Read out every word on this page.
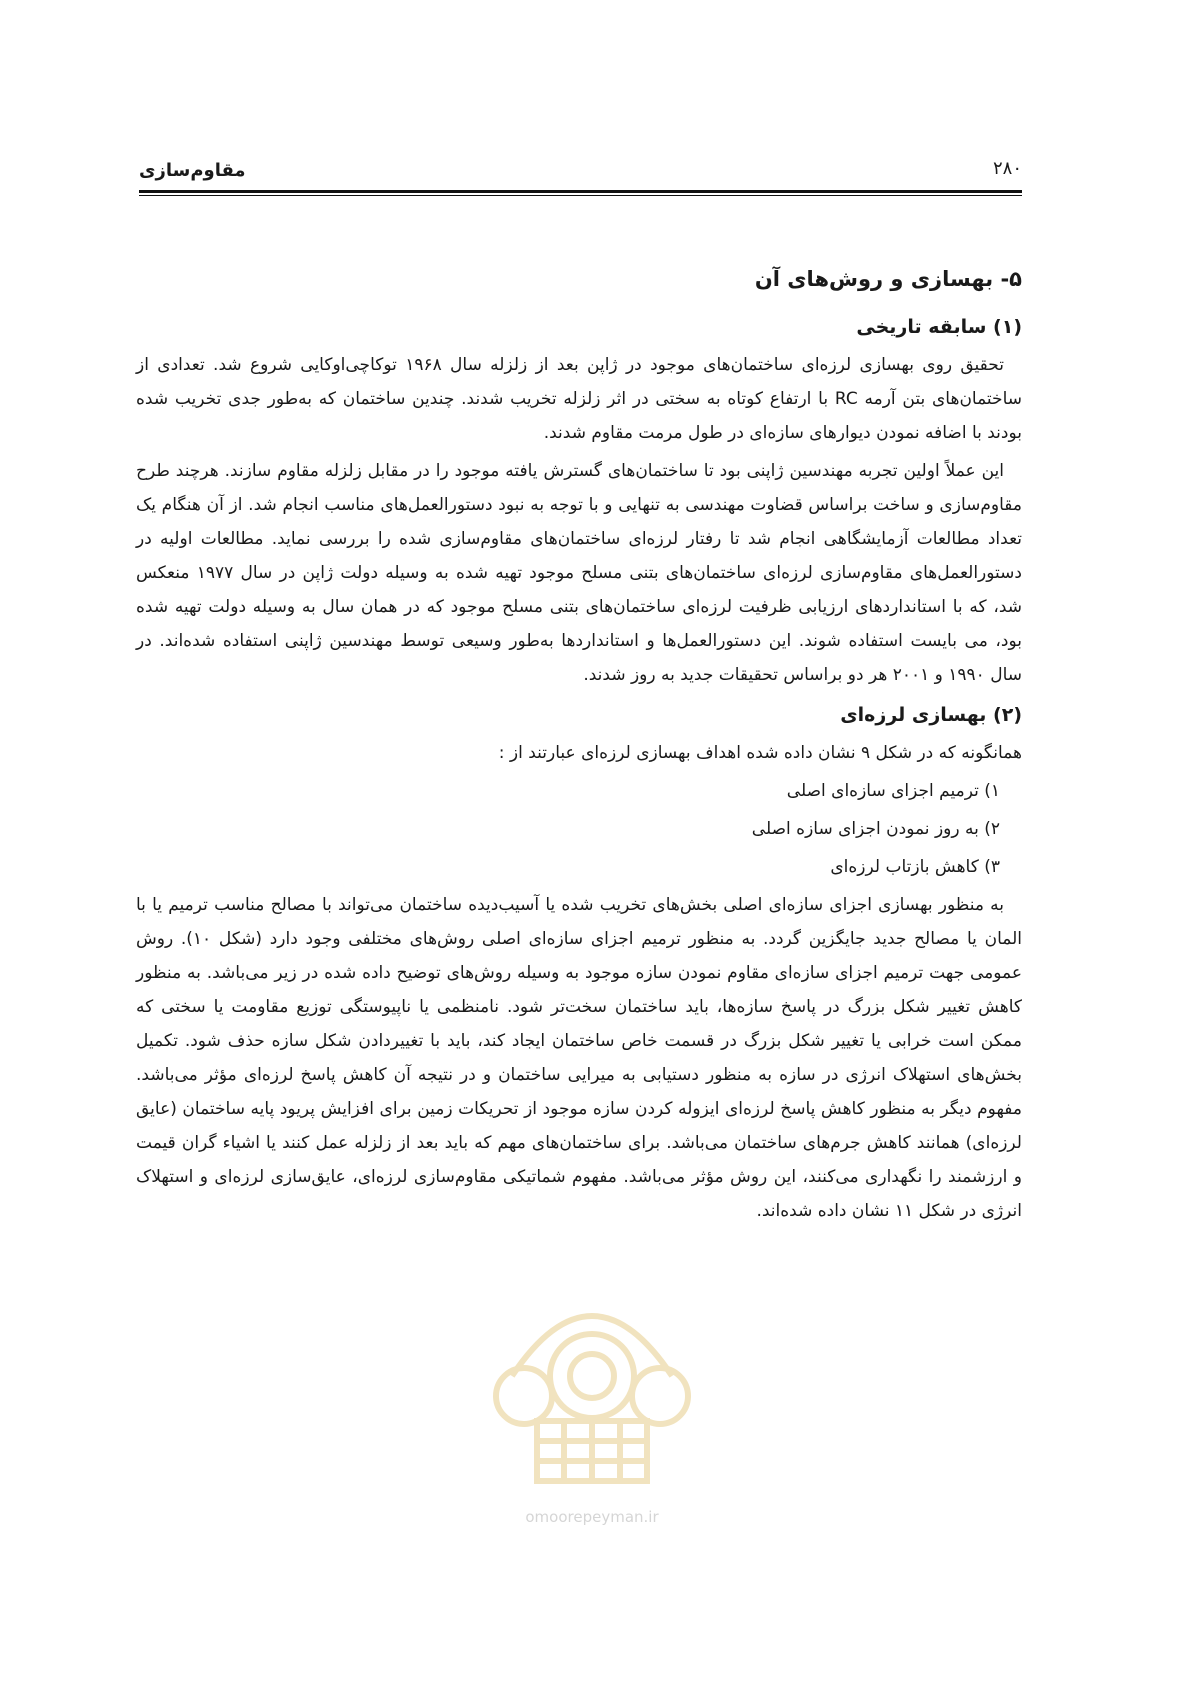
مقاوم‌سازی	۲۸۰
۵- بهسازی و روش‌های آن
(۱) سابقه تاریخی

تحقیق روی بهسازی لرزه‌ای ساختمان‌های موجود در ژاپن بعد از زلزله سال ۱۹۶۸ توکاچی‌اوکایی شروع شد. تعدادی از ساختمان‌های بتن آرمه RC با ارتفاع کوتاه به سختی در اثر زلزله تخریب شدند. چندین ساختمان که به‌طور جدی تخریب شده بودند با اضافه نمودن دیوارهای سازه‌ای در طول مرمت مقاوم شدند.

این عملاً اولین تجربه مهندسین ژاپنی بود تا ساختمان‌های گسترش یافته موجود را در مقابل زلزله مقاوم سازند. هرچند طرح مقاوم‌سازی و ساخت براساس قضاوت مهندسی به تنهایی و با توجه به نبود دستورالعمل‌های مناسب انجام شد. از آن هنگام یک تعداد مطالعات آزمایشگاهی انجام شد تا رفتار لرزه‌ای ساختمان‌های مقاوم‌سازی شده را بررسی نماید. مطالعات اولیه در دستورالعمل‌های مقاوم‌سازی لرزه‌ای ساختمان‌های بتنی مسلح موجود تهیه شده به وسیله دولت ژاپن در سال ۱۹۷۷ منعکس شد، که با استانداردهای ارزیابی ظرفیت لرزه‌ای ساختمان‌های بتنی مسلح موجود که در همان سال به وسیله دولت تهیه شده بود، می بایست استفاده شوند. این دستورالعمل‌ها و استانداردها به‌طور وسیعی توسط مهندسین ژاپنی استفاده شده‌اند. در سال ۱۹۹۰ و ۲۰۰۱ هر دو براساس تحقیقات جدید به روز شدند.

(۲) بهسازی لرزه‌ای

همانگونه که در شکل ۹ نشان داده شده اهداف بهسازی لرزه‌ای عبارتند از :

۱) ترمیم اجزای سازه‌ای اصلی
۲) به روز نمودن اجزای سازه اصلی
۳) کاهش بازتاب لرزه‌ای

به منظور بهسازی اجزای سازه‌ای اصلی بخش‌های تخریب شده یا آسیب‌دیده ساختمان می‌تواند با مصالح مناسب ترمیم یا با المان یا مصالح جدید جایگزین گردد. به منظور ترمیم اجزای سازه‌ای اصلی روش‌های مختلفی وجود دارد (شکل ۱۰). روش عمومی جهت ترمیم اجزای سازه‌ای مقاوم نمودن سازه موجود به وسیله روش‌های توضیح داده شده در زیر می‌باشد. به منظور کاهش تغییر شکل بزرگ در پاسخ سازه‌ها، باید ساختمان سخت‌تر شود. نامنظمی یا ناپیوستگی توزیع مقاومت یا سختی که ممکن است خرابی یا تغییر شکل بزرگ در قسمت خاص ساختمان ایجاد کند، باید با تغییردادن شکل سازه حذف شود. تکمیل بخش‌های استهلاک انرژی در سازه به منظور دستیابی به میرایی ساختمان و در نتیجه آن کاهش پاسخ لرزه‌ای مؤثر می‌باشد. مفهوم دیگر به منظور کاهش پاسخ لرزه‌ای ایزوله کردن سازه موجود از تحریکات زمین برای افزایش پریود پایه ساختمان (عایق لرزه‌ای) همانند کاهش جرم‌های ساختمان می‌باشد. برای ساختمان‌های مهم که باید بعد از زلزله عمل کنند یا اشیاء گران قیمت و ارزشمند را نگهداری می‌کنند، این روش مؤثر می‌باشد. مفهوم شماتیکی مقاوم‌سازی لرزه‌ای، عایق‌سازی لرزه‌ای و استهلاک انرژی در شکل ۱۱ نشان داده شده‌اند.

omoorepeyman.ir
